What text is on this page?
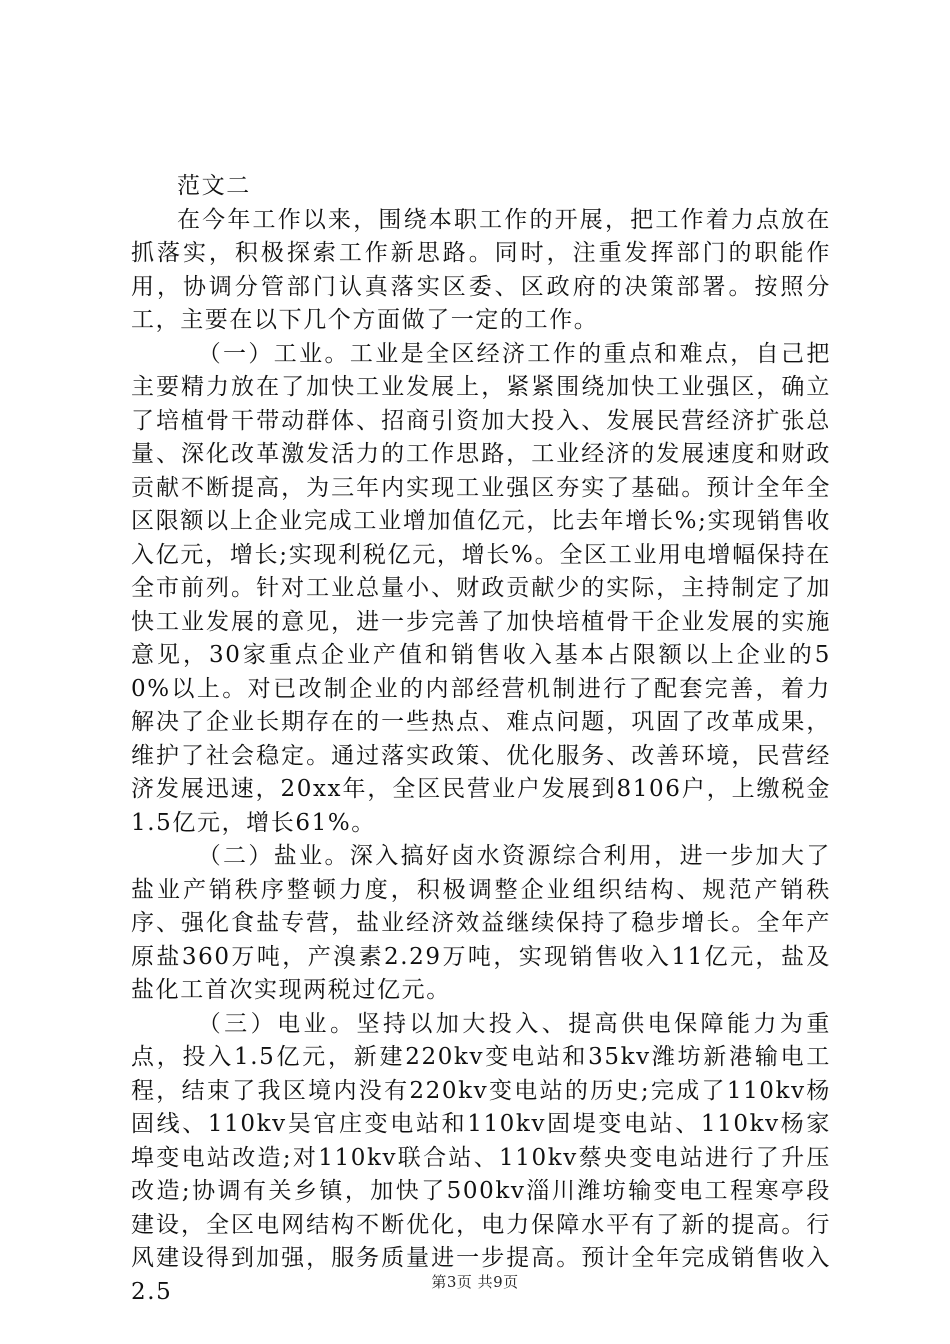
范文二

在今年工作以来，围绕本职工作的开展，把工作着力点放在抓落实，积极探索工作新思路。同时，注重发挥部门的职能作用，协调分管部门认真落实区委、区政府的决策部署。按照分工，主要在以下几个方面做了一定的工作。

（一）工业。工业是全区经济工作的重点和难点，自己把主要精力放在了加快工业发展上，紧紧围绕加快工业强区，确立了培植骨干带动群体、招商引资加大投入、发展民营经济扩张总量、深化改革激发活力的工作思路，工业经济的发展速度和财政贡献不断提高，为三年内实现工业强区夯实了基础。预计全年全区限额以上企业完成工业增加值亿元，比去年增长%;实现销售收入亿元，增长;实现利税亿元，增长%。全区工业用电增幅保持在全市前列。针对工业总量小、财政贡献少的实际，主持制定了加快工业发展的意见，进一步完善了加快培植骨干企业发展的实施意见，30家重点企业产值和销售收入基本占限额以上企业的50%以上。对已改制企业的内部经营机制进行了配套完善，着力解决了企业长期存在的一些热点、难点问题，巩固了改革成果，维护了社会稳定。通过落实政策、优化服务、改善环境，民营经济发展迅速，20xx年，全区民营业户发展到8106户，上缴税金1.5亿元，增长61%。

（二）盐业。深入搞好卤水资源综合利用，进一步加大了盐业产销秩序整顿力度，积极调整企业组织结构、规范产销秩序、强化食盐专营，盐业经济效益继续保持了稳步增长。全年产原盐360万吨，产溴素2.29万吨，实现销售收入11亿元，盐及盐化工首次实现两税过亿元。

（三）电业。坚持以加大投入、提高供电保障能力为重点，投入1.5亿元，新建220kv变电站和35kv潍坊新港输电工程，结束了我区境内没有220kv变电站的历史;完成了110kv杨固线、110kv吴官庄变电站和110kv固堤变电站、110kv杨家埠变电站改造;对110kv联合站、110kv蔡央变电站进行了升压改造;协调有关乡镇，加快了500kv淄川潍坊输变电工程寒亭段建设，全区电网结构不断优化，电力保障水平有了新的提高。行风建设得到加强，服务质量进一步提高。预计全年完成销售收入2.5	第3页 共9页
